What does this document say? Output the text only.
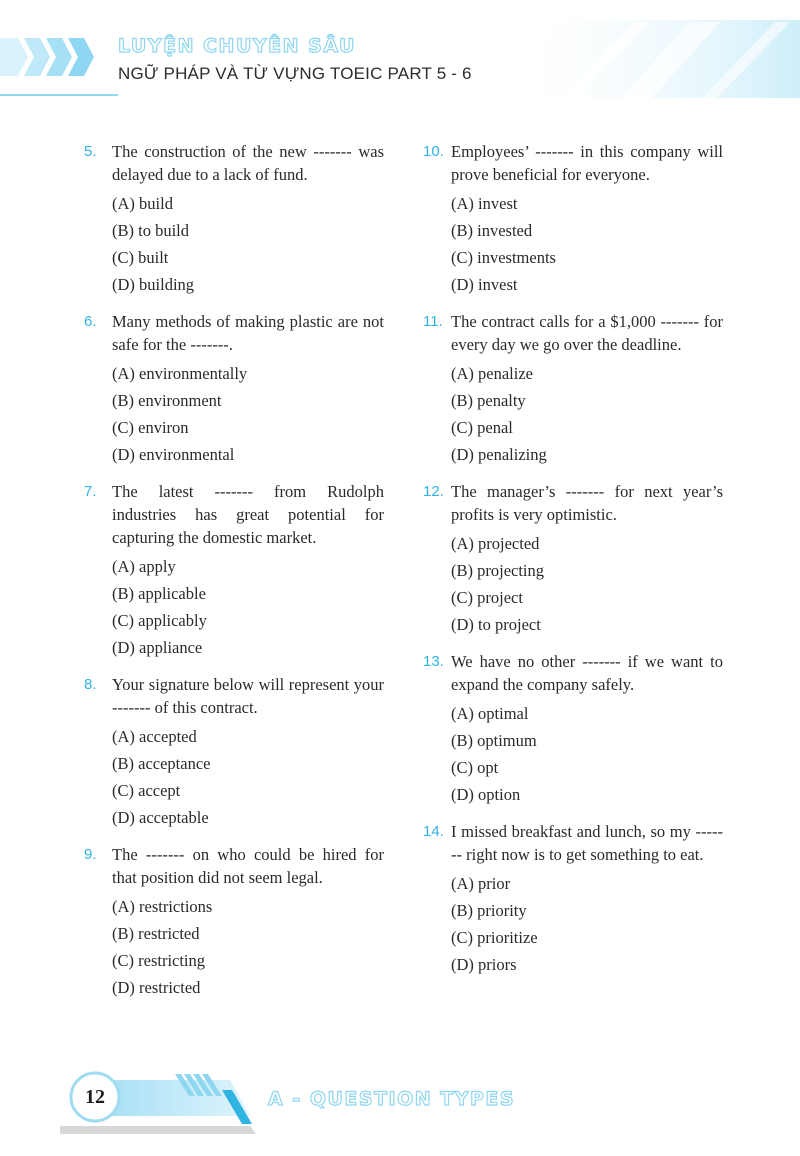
LUYỆN CHUYÊN SÂU
NGỮ PHÁP VÀ TỪ VỰNG TOEIC PART 5 - 6
5. The construction of the new ------- was delayed due to a lack of fund.
(A) build
(B) to build
(C) built
(D) building
6. Many methods of making plastic are not safe for the -------.
(A) environmentally
(B) environment
(C) environ
(D) environmental
7. The latest ------- from Rudolph industries has great potential for capturing the domestic market.
(A) apply
(B) applicable
(C) applicably
(D) appliance
8. Your signature below will represent your ------- of this contract.
(A) accepted
(B) acceptance
(C) accept
(D) acceptable
9. The ------- on who could be hired for that position did not seem legal.
(A) restrictions
(B) restricted
(C) restricting
(D) restricted
10. Employees’ ------- in this company will prove beneficial for everyone.
(A) invest
(B) invested
(C) investments
(D) invest
11. The contract calls for a $1,000 ------- for every day we go over the deadline.
(A) penalize
(B) penalty
(C) penal
(D) penalizing
12. The manager’s ------- for next year’s profits is very optimistic.
(A) projected
(B) projecting
(C) project
(D) to project
13. We have no other ------- if we want to expand the company safely.
(A) optimal
(B) optimum
(C) opt
(D) option
14. I missed breakfast and lunch, so my ------- right now is to get something to eat.
(A) prior
(B) priority
(C) prioritize
(D) priors
12	A - QUESTION TYPES
